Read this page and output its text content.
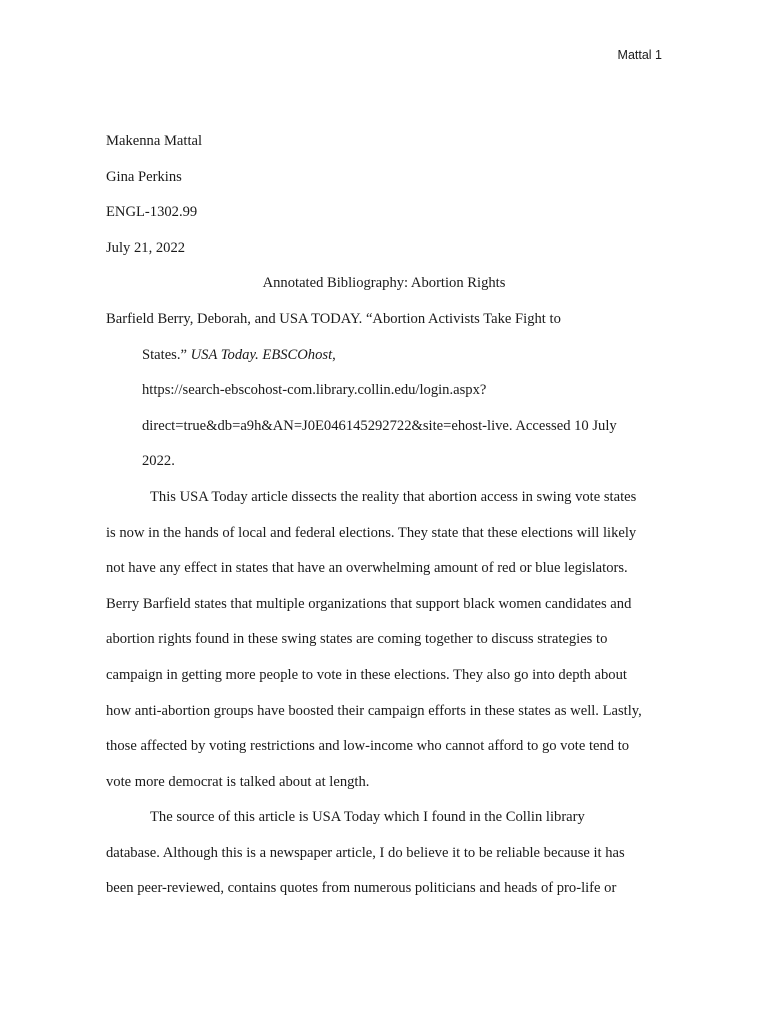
Mattal 1
Makenna Mattal
Gina Perkins
ENGL-1302.99
July 21, 2022
Annotated Bibliography: Abortion Rights
Barfield Berry, Deborah, and USA TODAY. “Abortion Activists Take Fight to
States.” USA Today. EBSCOhost,
https://search-ebscohost-com.library.collin.edu/login.aspx?
direct=true&db=a9h&AN=J0E046145292722&site=ehost-live. Accessed 10 July
2022.
This USA Today article dissects the reality that abortion access in swing vote states
is now in the hands of local and federal elections. They state that these elections will likely
not have any effect in states that have an overwhelming amount of red or blue legislators.
Berry Barfield states that multiple organizations that support black women candidates and
abortion rights found in these swing states are coming together to discuss strategies to
campaign in getting more people to vote in these elections. They also go into depth about
how anti-abortion groups have boosted their campaign efforts in these states as well. Lastly,
those affected by voting restrictions and low-income who cannot afford to go vote tend to
vote more democrat is talked about at length.
The source of this article is USA Today which I found in the Collin library
database. Although this is a newspaper article, I do believe it to be reliable because it has
been peer-reviewed, contains quotes from numerous politicians and heads of pro-life or
